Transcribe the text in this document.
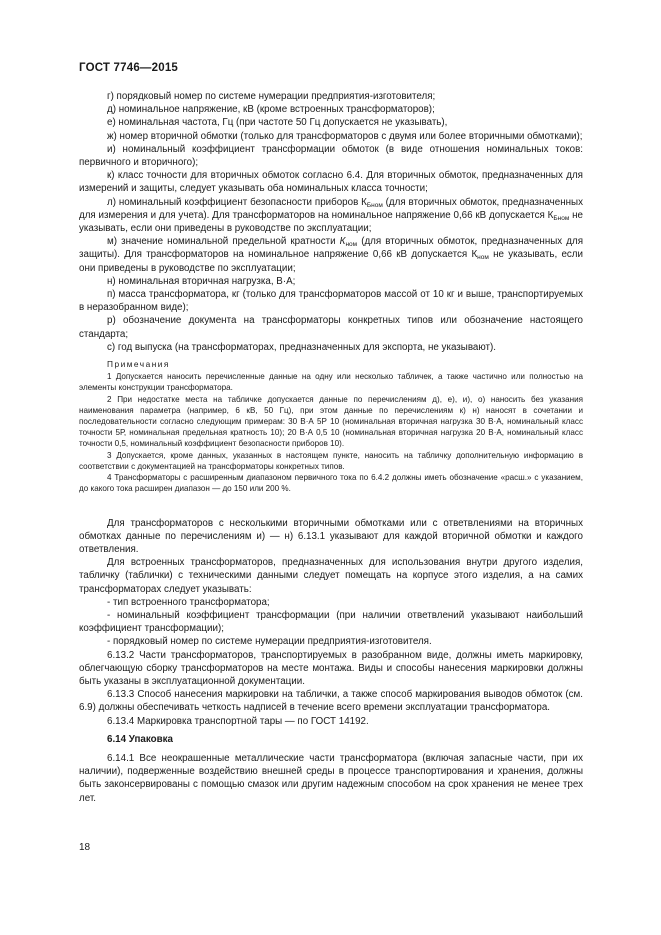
ГОСТ 7746—2015

г) порядковый номер по системе нумерации предприятия-изготовителя;

д) номинальное напряжение, кВ (кроме встроенных трансформаторов);

е) номинальная частота, Гц (при частоте 50 Гц допускается не указывать),

ж) номер вторичной обмотки (только для трансформаторов с двумя или более вторичными обмотками);

и) номинальный коэффициент трансформации обмоток (в виде отношения номинальных токов: первичного и вторичного);

к) класс точности для вторичных обмоток согласно 6.4. Для вторичных обмоток, предназначенных для измерений и защиты, следует указывать оба номинальных класса точности;

л) номинальный коэффициент безопасности приборов $К_{Бном}$ (для вторичных обмоток, предназначенных для измерения и для учета). Для трансформаторов на номинальное напряжение 0,66 кВ допускается $К_{Бном}$ не указывать, если они приведены в руководстве по эксплуатации;

м) значение номинальной предельной кратности $К_{ном}$ (для вторичных обмоток, предназначенных для защиты). Для трансформаторов на номинальное напряжение 0,66 кВ допускается $К_{ном}$ не указывать, если они приведены в руководстве по эксплуатации;

н) номинальная вторичная нагрузка, В·А;

п) масса трансформатора, кг (только для трансформаторов массой от 10 кг и выше, транспортируемых в неразобранном виде);

р) обозначение документа на трансформаторы конкретных типов или обозначение настоящего стандарта;

с) год выпуска (на трансформаторах, предназначенных для экспорта, не указывают).

Примечания

1 Допускается наносить перечисленные данные на одну или несколько табличек, а также частично или полностью на элементы конструкции трансформатора.

2 При недостатке места на табличке допускается данные по перечислениям д), е), и), о) наносить без указания наименования параметра (например, 6 кВ, 50 Гц), при этом данные по перечислениям к) н) наносят в сочетании и последовательности согласно следующим примерам: 30 В·А 5Р 10 (номинальная вторичная нагрузка 30 В·А, номинальный класс точности 5Р, номинальная предельная кратность 10); 20 В·А 0,5 10 (номинальная вторичная нагрузка 20 В·А, номинальный класс точности 0,5, номинальный коэффициент безопасности приборов 10).

3 Допускается, кроме данных, указанных в настоящем пункте, наносить на табличку дополнительную информацию в соответствии с документацией на трансформаторы конкретных типов.

4 Трансформаторы с расширенным диапазоном первичного тока по 6.4.2 должны иметь обозначение «расш.» с указанием, до какого тока расширен диапазон — до 150 или 200 %.

Для трансформаторов с несколькими вторичными обмотками или с ответвлениями на вторичных обмотках данные по перечислениям и) — н) 6.13.1 указывают для каждой вторичной обмотки и каждого ответвления.

Для встроенных трансформаторов, предназначенных для использования внутри другого изделия, табличку (таблички) с техническими данными следует помещать на корпусе этого изделия, а на самих трансформаторах следует указывать:

- тип встроенного трансформатора;

- номинальный коэффициент трансформации (при наличии ответвлений указывают наибольший коэффициент трансформации);

- порядковый номер по системе нумерации предприятия-изготовителя.

6.13.2 Части трансформаторов, транспортируемых в разобранном виде, должны иметь маркировку, облегчающую сборку трансформаторов на месте монтажа. Виды и способы нанесения маркировки должны быть указаны в эксплуатационной документации.

6.13.3 Способ нанесения маркировки на таблички, а также способ маркирования выводов обмоток (см. 6.9) должны обеспечивать четкость надписей в течение всего времени эксплуатации трансформатора.

6.13.4 Маркировка транспортной тары — по ГОСТ 14192.

6.14 Упаковка

6.14.1 Все неокрашенные металлические части трансформатора (включая запасные части, при их наличии), подверженные воздействию внешней среды в процессе транспортирования и хранения, должны быть законсервированы с помощью смазок или другим надежным способом на срок хранения не менее трех лет.

18
